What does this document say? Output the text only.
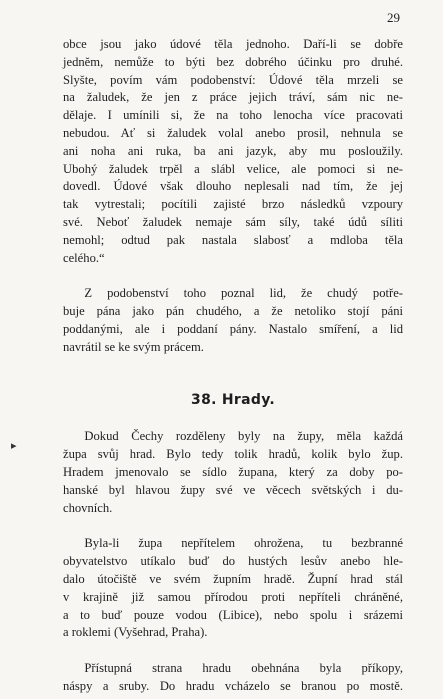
29
▸
obce jsou jako údové těla jednoho. Daří-li se dobře
jednĕm, nemůže to býti bez dobrého účinku pro druhé.
Slyšte, povím vám podobenství: Údové těla mrzeli se
na žaludek, že jen z práce jejich tráví, sám nic ne-
dělaje. I umínili si, že na toho lenocha více pracovati
nebudou. Ať si žaludek volal anebo prosil, nehnula se
ani noha ani ruka, ba ani jazyk, aby mu posloužily.
Ubohý žaludek trpěl a slábl velice, ale pomoci si ne-
dovedl. Údové však dlouho neplesali nad tím, že jej
tak vytrestali; pocítili zajisté brzo následků vzpoury
své. Neboť žaludek nemaje sám síly, také údů síliti
nemohl; odtud pak nastala slabosť a mdloba těla
celého.“
Z podobenství toho poznal lid, že chudý potře-
buje pána jako pán chudého, a že netoliko stojí páni
poddanými, ale i poddaní pány. Nastalo smíření, a lid
navrátil se ke svým prácem.
38. Hrady.
Dokud Čechy rozděleny byly na župy, měla každá
župa svůj hrad. Bylo tedy tolik hradů, kolik bylo žup.
Hradem jmenovalo se sídlo župana, který za doby po-
hanské byl hlavou župy své ve věcech světských i du-
chovních.
Byla-li župa nepřítelem ohrožena, tu bezbranné
obyvatelstvo utíkalo buď do hustých lesův anebo hle-
dalo útočiště ve svém župním hradě. Župní hrad stál
v krajině již samou přírodou proti nepříteli chráněné,
a to buď pouze vodou (Libice), nebo spolu i srázemi
a roklemi (Vyšehrad, Praha).
Přístupná strana hradu obehnána byla příkopy,
náspy a sruby. Do hradu vcházelo se branou po mostě.
